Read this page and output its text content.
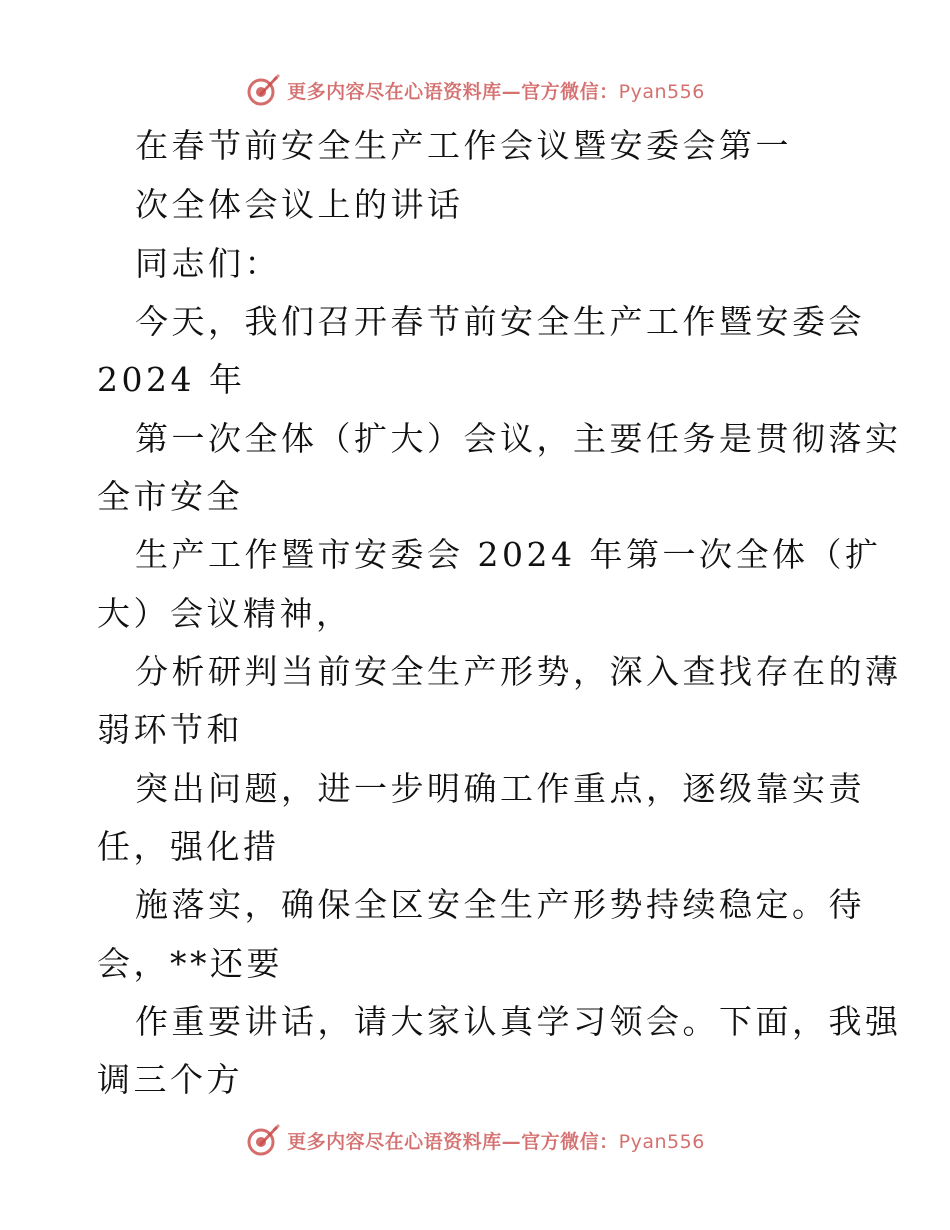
更多内容尽在心语资料库—官方微信：Pyan556
在春节前安全生产工作会议暨安委会第一
次全体会议上的讲话
同志们：
今天，我们召开春节前安全生产工作暨安委会
2024 年
第一次全体（扩大）会议，主要任务是贯彻落实
全市安全
生产工作暨市安委会 2024 年第一次全体（扩
大）会议精神，
分析研判当前安全生产形势，深入查找存在的薄
弱环节和
突出问题，进一步明确工作重点，逐级靠实责
任，强化措
施落实，确保全区安全生产形势持续稳定。待
会，**还要
作重要讲话，请大家认真学习领会。下面，我强
调三个方
更多内容尽在心语资料库—官方微信：Pyan556
